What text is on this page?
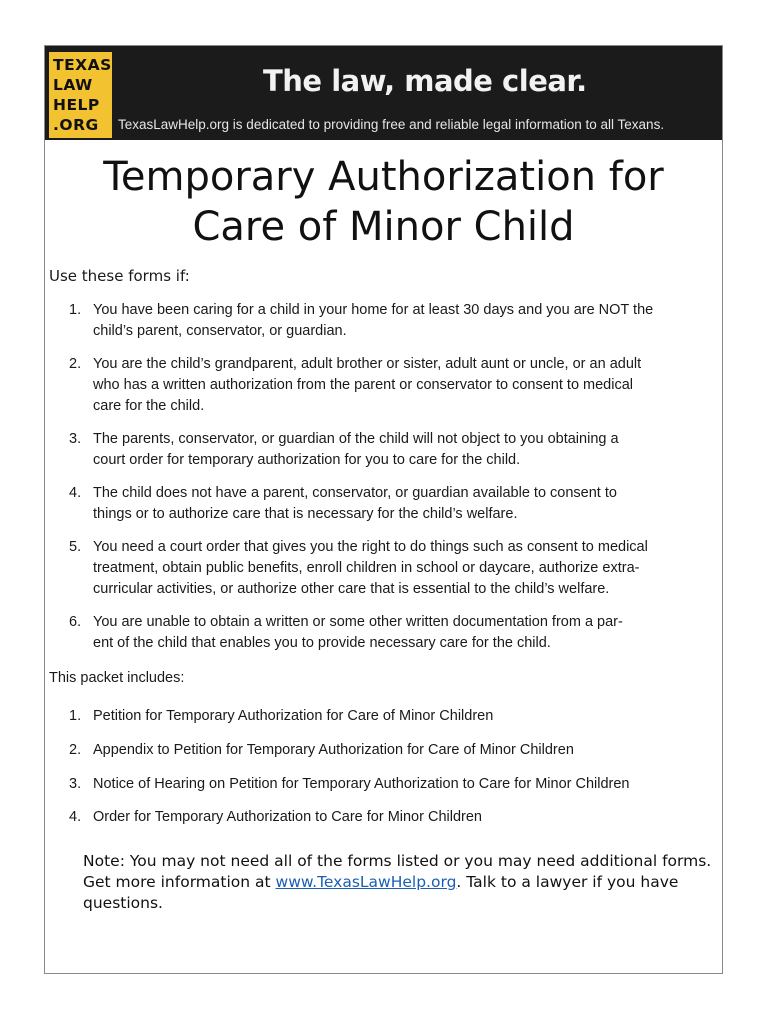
TEXAS
LAW
HELP
.ORG
The law, made clear.
TexasLawHelp.org is dedicated to providing free and reliable legal information to all Texans.
Temporary Authorization for
Care of Minor Child
Use these forms if:
1. You have been caring for a child in your home for at least 30 days and you are NOT the
child’s parent, conservator, or guardian.
2. You are the child’s grandparent, adult brother or sister, adult aunt or uncle, or an adult
who has a written authorization from the parent or conservator to consent to medical
care for the child.
3. The parents, conservator, or guardian of the child will not object to you obtaining a
court order for temporary authorization for you to care for the child.
4. The child does not have a parent, conservator, or guardian available to consent to
things or to authorize care that is necessary for the child’s welfare.
5. You need a court order that gives you the right to do things such as consent to medical
treatment, obtain public benefits, enroll children in school or daycare, authorize extra-
curricular activities, or authorize other care that is essential to the child’s welfare.
6. You are unable to obtain a written or some other written documentation from a par-
ent of the child that enables you to provide necessary care for the child.
This packet includes:
1. Petition for Temporary Authorization for Care of Minor Children
2. Appendix to Petition for Temporary Authorization for Care of Minor Children
3. Notice of Hearing on Petition for Temporary Authorization to Care for Minor Children
4. Order for Temporary Authorization to Care for Minor Children
Note: You may not need all of the forms listed or you may need additional forms. Get more information at www.TexasLawHelp.org. Talk to a lawyer if you have questions.
